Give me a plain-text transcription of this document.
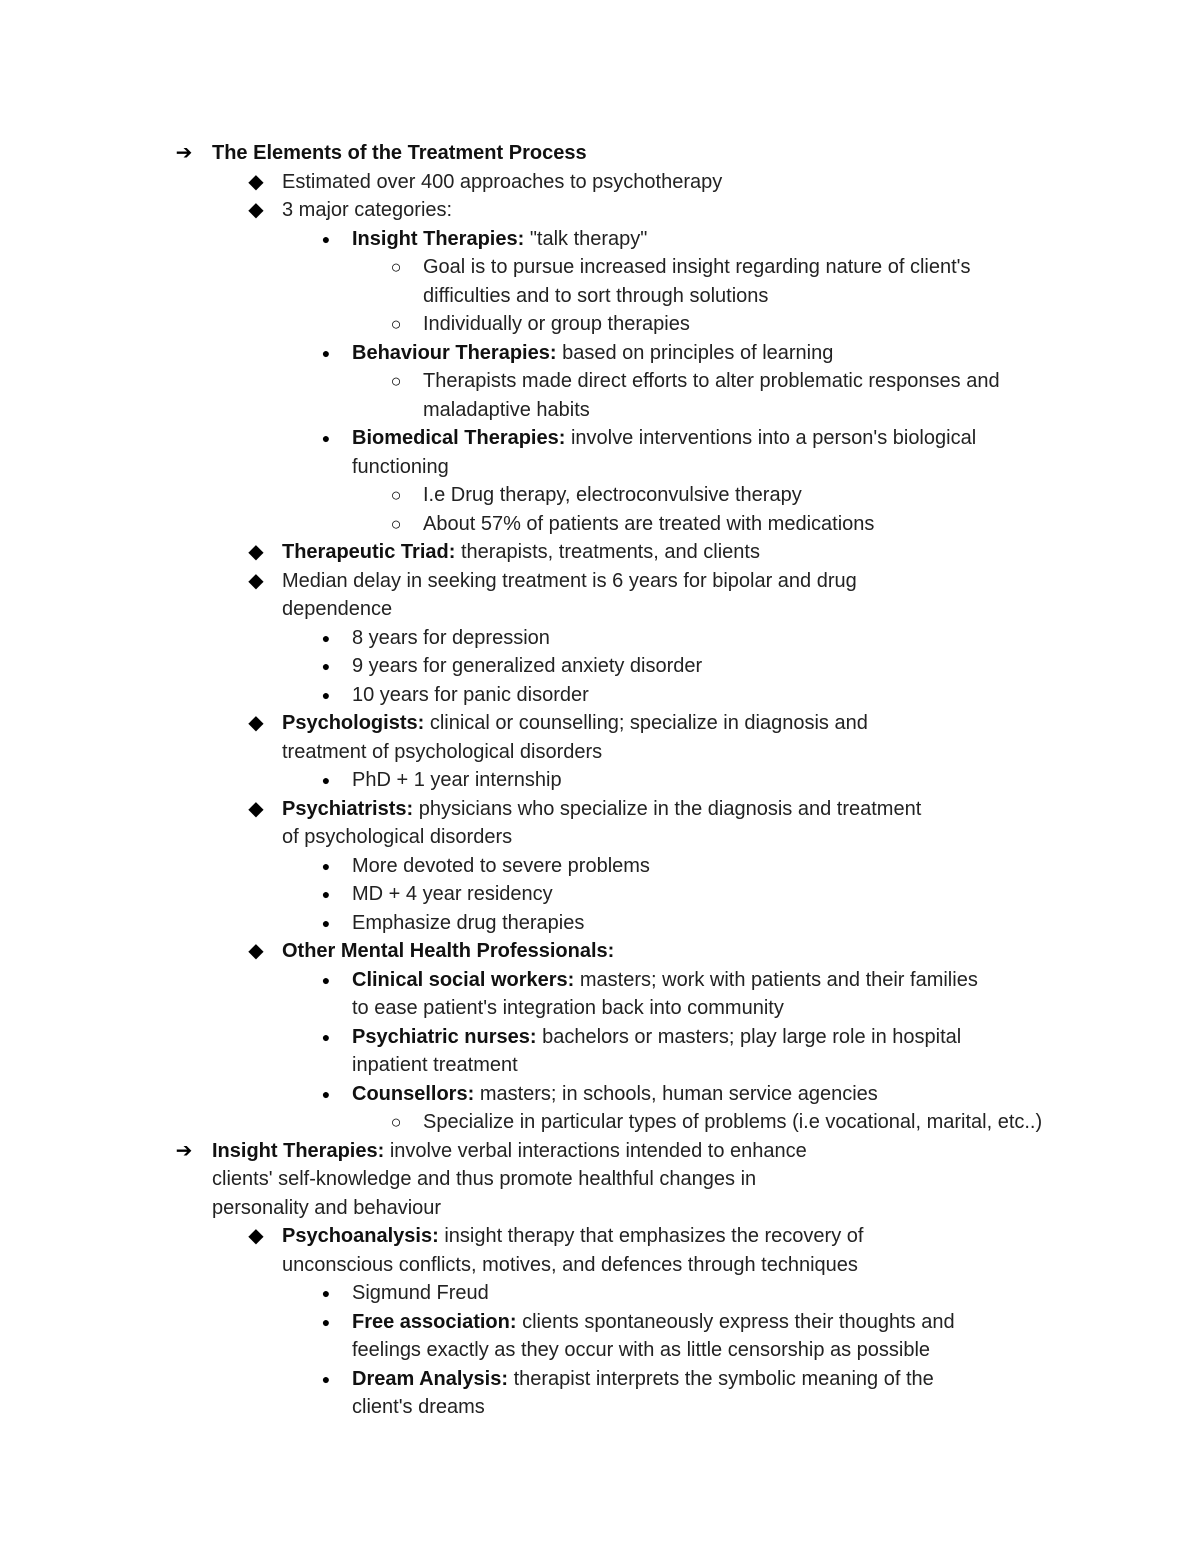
➔ The Elements of the Treatment Process
◆ Estimated over 400 approaches to psychotherapy
◆ 3 major categories:
●	Insight Therapies: "talk therapy"
○	Goal is to pursue increased insight regarding nature of client's difficulties and to sort through solutions
○	Individually or group therapies
●	Behaviour Therapies: based on principles of learning
○	Therapists made direct efforts to alter problematic responses and maladaptive habits
●	Biomedical Therapies: involve interventions into a person's biological functioning
○	I.e Drug therapy, electroconvulsive therapy
○	About 57% of patients are treated with medications
◆ Therapeutic Triad: therapists, treatments, and clients
◆ Median delay in seeking treatment is 6 years for bipolar and drug dependence
●	8 years for depression
●	9 years for generalized anxiety disorder
●	10 years for panic disorder
◆ Psychologists: clinical or counselling; specialize in diagnosis and treatment of psychological disorders
●	PhD + 1 year internship
◆ Psychiatrists: physicians who specialize in the diagnosis and treatment of psychological disorders
●	More devoted to severe problems
●	MD + 4 year residency
●	Emphasize drug therapies
◆ Other Mental Health Professionals:
●	Clinical social workers: masters; work with patients and their families to ease patient's integration back into community
●	Psychiatric nurses: bachelors or masters; play large role in hospital inpatient treatment
●	Counsellors: masters; in schools, human service agencies
○	Specialize in particular types of problems (i.e vocational, marital, etc..)
➔ Insight Therapies: involve verbal interactions intended to enhance clients' self-knowledge and thus promote healthful changes in personality and behaviour
◆ Psychoanalysis: insight therapy that emphasizes the recovery of unconscious conflicts, motives, and defences through techniques
●	Sigmund Freud
●	Free association: clients spontaneously express their thoughts and feelings exactly as they occur with as little censorship as possible
●	Dream Analysis: therapist interprets the symbolic meaning of the client's dreams
